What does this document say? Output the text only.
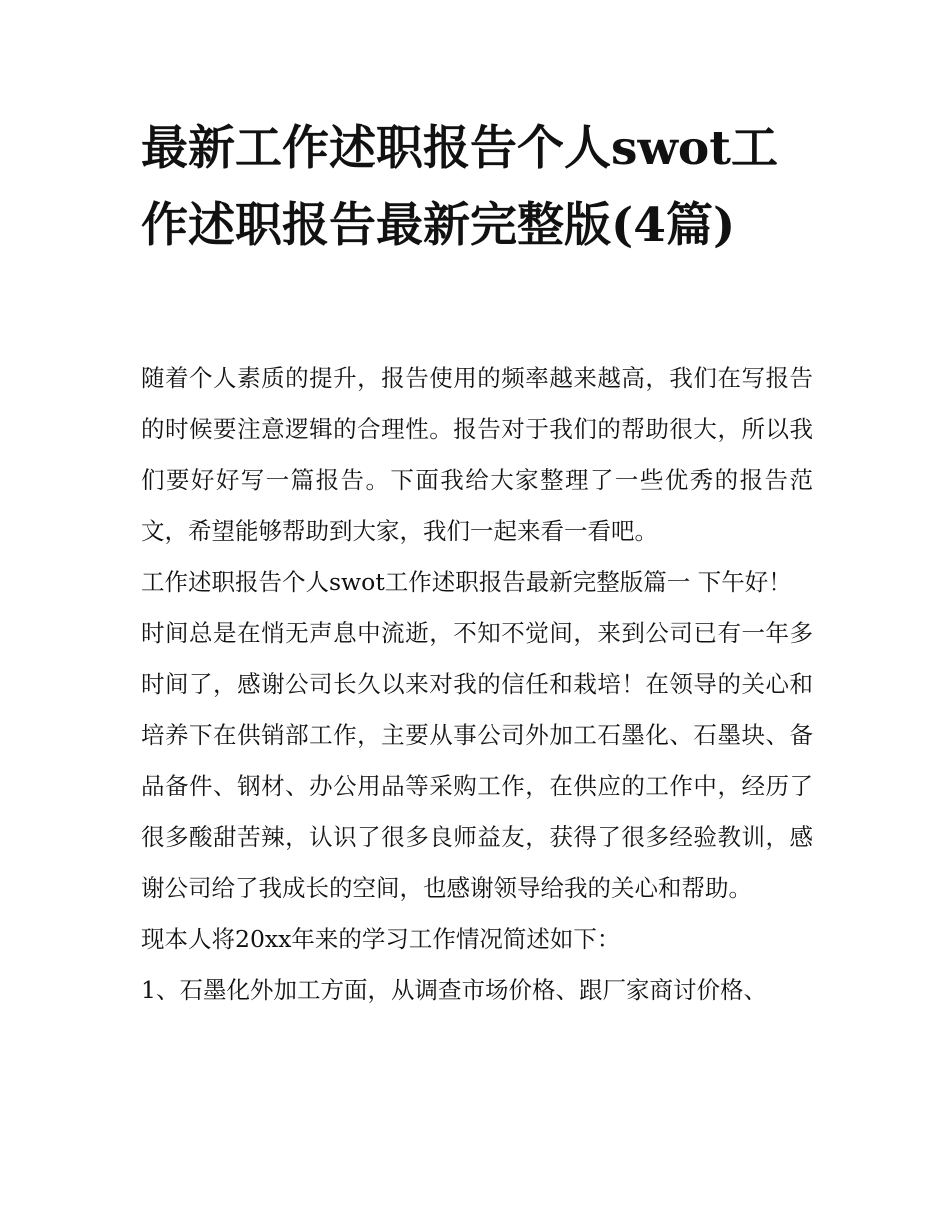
最新工作述职报告个人swot工作述职报告最新完整版(4篇)

随着个人素质的提升，报告使用的频率越来越高，我们在写报告的时候要注意逻辑的合理性。报告对于我们的帮助很大，所以我们要好好写一篇报告。下面我给大家整理了一些优秀的报告范文，希望能够帮助到大家，我们一起来看一看吧。

工作述职报告个人swot工作述职报告最新完整版篇一 下午好！

时间总是在悄无声息中流逝，不知不觉间，来到公司已有一年多时间了，感谢公司长久以来对我的信任和栽培！在领导的关心和培养下在供销部工作，主要从事公司外加工石墨化、石墨块、备品备件、钢材、办公用品等采购工作，在供应的工作中，经历了很多酸甜苦辣，认识了很多良师益友，获得了很多经验教训，感谢公司给了我成长的空间，也感谢领导给我的关心和帮助。

现本人将20xx年来的学习工作情况简述如下：

1、石墨化外加工方面，从调查市场价格、跟厂家商讨价格、
